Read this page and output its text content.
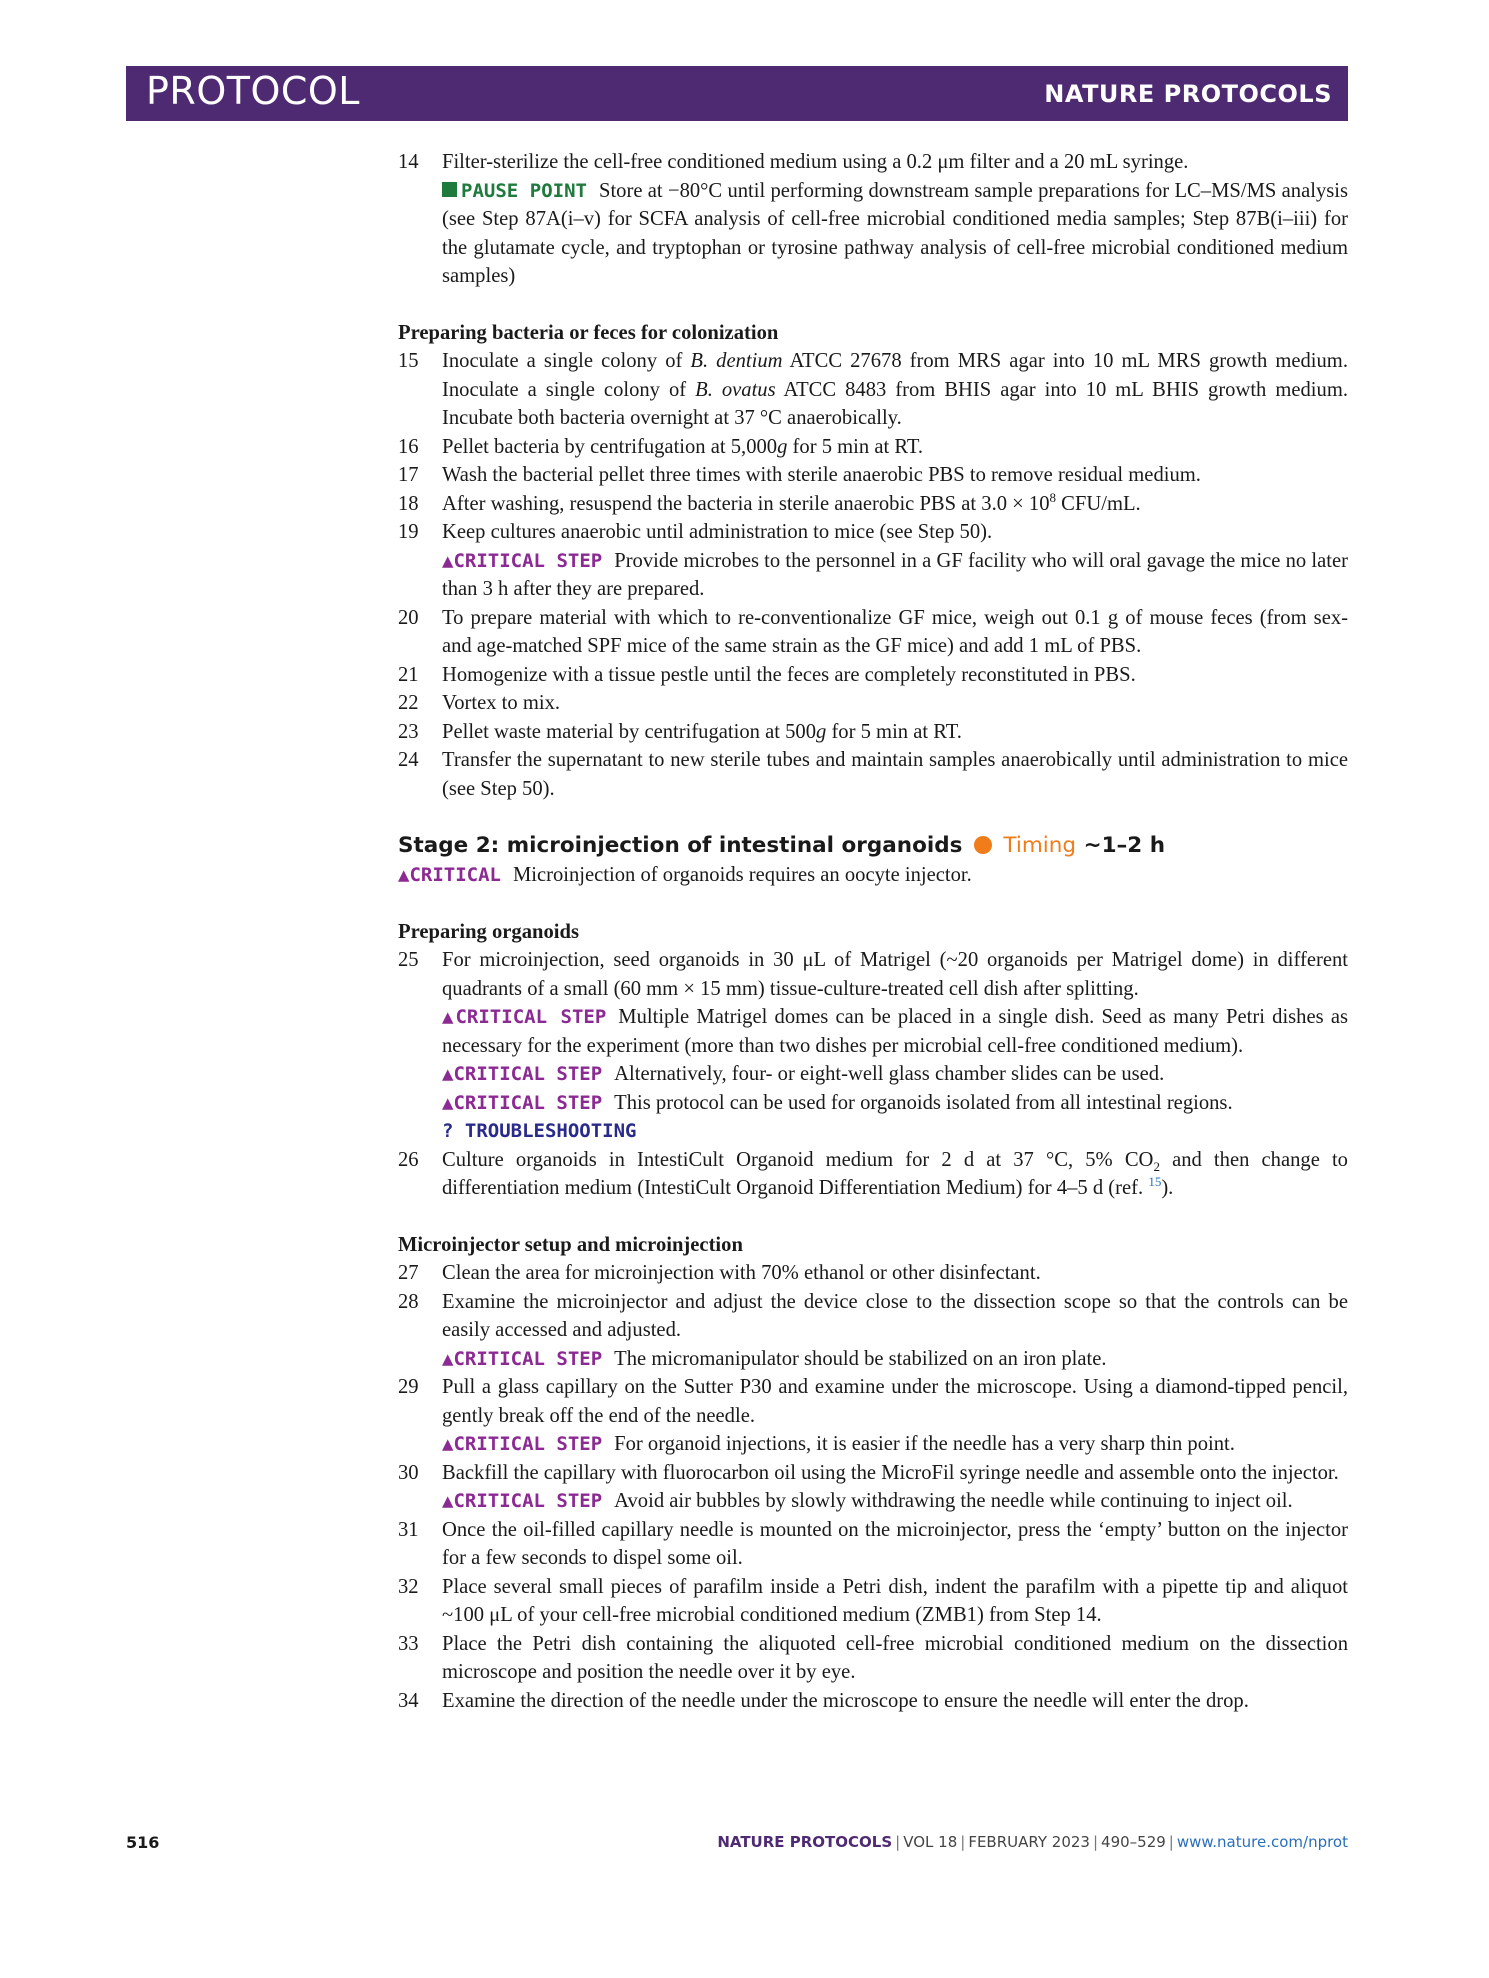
PROTOCOL	NATURE PROTOCOLS
14 Filter-sterilize the cell-free conditioned medium using a 0.2 μm filter and a 20 mL syringe.
PAUSE POINT Store at −80°C until performing downstream sample preparations for LC–MS/MS analysis (see Step 87A(i–v) for SCFA analysis of cell-free microbial conditioned media samples; Step 87B(i–iii) for the glutamate cycle, and tryptophan or tyrosine pathway analysis of cell-free microbial conditioned medium samples)
Preparing bacteria or feces for colonization
15 Inoculate a single colony of B. dentium ATCC 27678 from MRS agar into 10 mL MRS growth medium. Inoculate a single colony of B. ovatus ATCC 8483 from BHIS agar into 10 mL BHIS growth medium. Incubate both bacteria overnight at 37 °C anaerobically.
16 Pellet bacteria by centrifugation at 5,000g for 5 min at RT.
17 Wash the bacterial pellet three times with sterile anaerobic PBS to remove residual medium.
18 After washing, resuspend the bacteria in sterile anaerobic PBS at $3.0 \times 10^8$ CFU/mL.
19 Keep cultures anaerobic until administration to mice (see Step 50).
▲CRITICAL STEP Provide microbes to the personnel in a GF facility who will oral gavage the mice no later than 3 h after they are prepared.
20 To prepare material with which to re-conventionalize GF mice, weigh out 0.1 g of mouse feces (from sex- and age-matched SPF mice of the same strain as the GF mice) and add 1 mL of PBS.
21 Homogenize with a tissue pestle until the feces are completely reconstituted in PBS.
22 Vortex to mix.
23 Pellet waste material by centrifugation at 500g for 5 min at RT.
24 Transfer the supernatant to new sterile tubes and maintain samples anaerobically until administration to mice (see Step 50).
Stage 2: microinjection of intestinal organoids Timing ~1–2 h
▲CRITICAL Microinjection of organoids requires an oocyte injector.
Preparing organoids
25 For microinjection, seed organoids in 30 μL of Matrigel (~20 organoids per Matrigel dome) in different quadrants of a small (60 mm × 15 mm) tissue-culture-treated cell dish after splitting.
▲CRITICAL STEP Multiple Matrigel domes can be placed in a single dish. Seed as many Petri dishes as necessary for the experiment (more than two dishes per microbial cell-free conditioned medium).
▲CRITICAL STEP Alternatively, four- or eight-well glass chamber slides can be used.
▲CRITICAL STEP This protocol can be used for organoids isolated from all intestinal regions.
? TROUBLESHOOTING
26 Culture organoids in IntestiCult Organoid medium for 2 d at 37 °C, 5% $CO_2$ and then change to differentiation medium (IntestiCult Organoid Differentiation Medium) for 4–5 d (ref. $^{15}$).
Microinjector setup and microinjection
27 Clean the area for microinjection with 70% ethanol or other disinfectant.
28 Examine the microinjector and adjust the device close to the dissection scope so that the controls can be easily accessed and adjusted.
▲CRITICAL STEP The micromanipulator should be stabilized on an iron plate.
29 Pull a glass capillary on the Sutter P30 and examine under the microscope. Using a diamond-tipped pencil, gently break off the end of the needle.
▲CRITICAL STEP For organoid injections, it is easier if the needle has a very sharp thin point.
30 Backfill the capillary with fluorocarbon oil using the MicroFil syringe needle and assemble onto the injector.
▲CRITICAL STEP Avoid air bubbles by slowly withdrawing the needle while continuing to inject oil.
31 Once the oil-filled capillary needle is mounted on the microinjector, press the ‘empty’ button on the injector for a few seconds to dispel some oil.
32 Place several small pieces of parafilm inside a Petri dish, indent the parafilm with a pipette tip and aliquot ~100 μL of your cell-free microbial conditioned medium (ZMB1) from Step 14.
33 Place the Petri dish containing the aliquoted cell-free microbial conditioned medium on the dissection microscope and position the needle over it by eye.
34 Examine the direction of the needle under the microscope to ensure the needle will enter the drop.
516	NATURE PROTOCOLS | VOL 18 | FEBRUARY 2023 | 490–529 | www.nature.com/nprot
